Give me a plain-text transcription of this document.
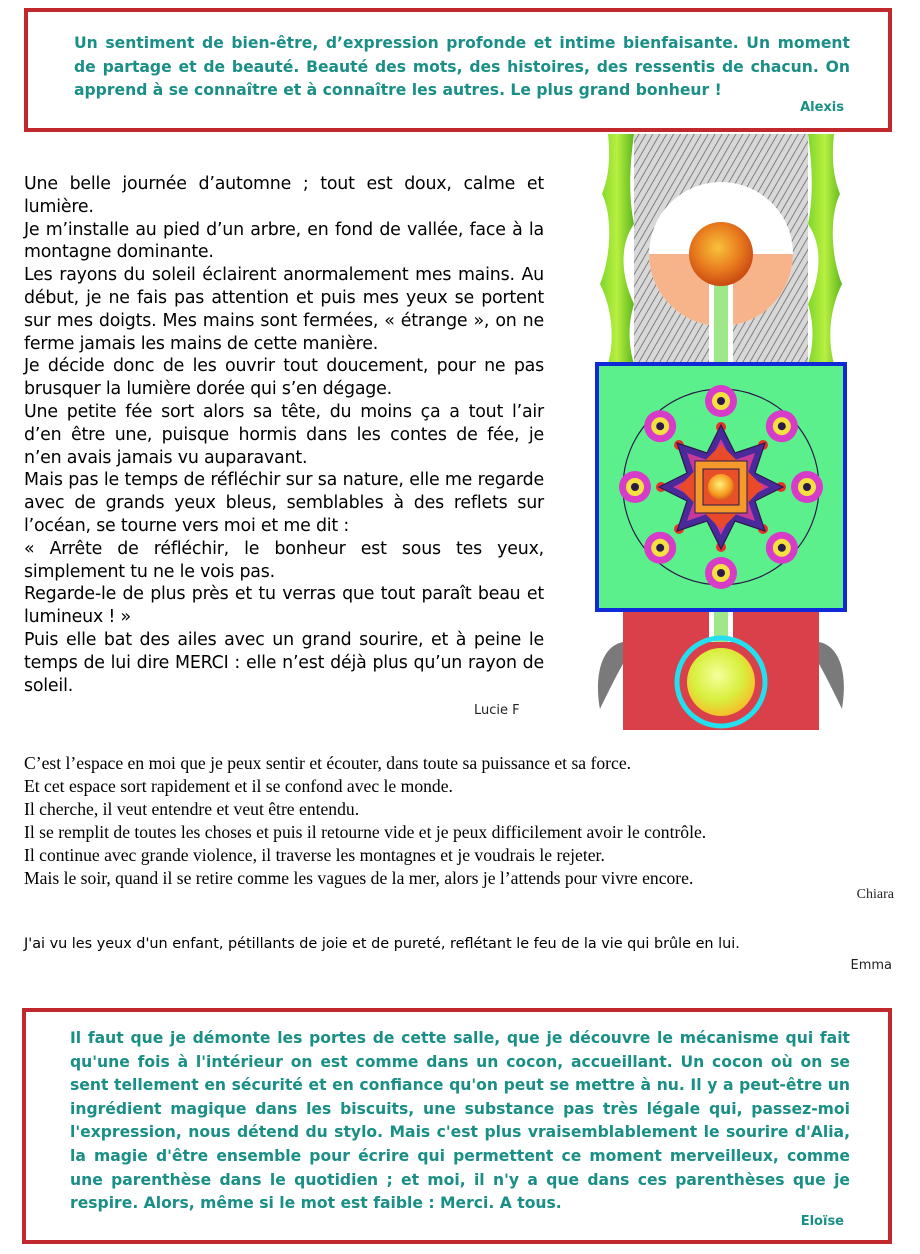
Un sentiment de bien-être, d’expression profonde et intime bienfaisante. Un moment de partage et de beauté. Beauté des mots, des histoires, des ressentis de chacun. On apprend à se connaître et à connaître les autres. Le plus grand bonheur !

Alexis

Une belle journée d’automne ; tout est doux, calme et lumière.

Je m’installe au pied d’un arbre, en fond de vallée, face à la montagne dominante.

Les rayons du soleil éclairent anormalement mes mains. Au début, je ne fais pas attention et puis mes yeux se portent sur mes doigts. Mes mains sont fermées, « étrange », on ne ferme jamais les mains de cette manière.

Je décide donc de les ouvrir tout doucement, pour ne pas brusquer la lumière dorée qui s’en dégage.

Une petite fée sort alors sa tête, du moins ça a tout l’air d’en être une, puisque hormis dans les contes de fée, je n’en avais jamais vu auparavant.

Mais pas le temps de réfléchir sur sa nature, elle me regarde avec de grands yeux bleus, semblables à des reflets sur l’océan, se tourne vers moi et me dit :

« Arrête de réfléchir, le bonheur est sous tes yeux, simplement tu ne le vois pas.

Regarde-le de plus près et tu verras que tout paraît beau et lumineux ! »

Puis elle bat des ailes avec un grand sourire, et à peine le temps de lui dire MERCI : elle n’est déjà plus qu’un rayon de soleil.

Lucie F

C’est l’espace en moi que je peux sentir et écouter, dans toute sa puissance et sa force.

Et cet espace sort rapidement et il se confond avec le monde.

Il cherche, il veut entendre et veut être entendu.

Il se remplit de toutes les choses et puis il retourne vide et je peux difficilement avoir le contrôle.

Il continue avec grande violence, il traverse les montagnes et je voudrais le rejeter.

Mais le soir, quand il se retire comme les vagues de la mer, alors je l’attends pour vivre encore.

Chiara
J'ai vu les yeux d'un enfant, pétillants de joie et de pureté, reflétant le feu de la vie qui brûle en lui.
Emma

Il faut que je démonte les portes de cette salle, que je découvre le mécanisme qui fait qu'une fois à l'intérieur on est comme dans un cocon, accueillant. Un cocon où on se sent tellement en sécurité et en confiance qu'on peut se mettre à nu. Il y a peut-être un ingrédient magique dans les biscuits, une substance pas très légale qui, passez-moi l'expression, nous détend du stylo. Mais c'est plus vraisemblablement le sourire d'Alia, la magie d'être ensemble pour écrire qui permettent ce moment merveilleux, comme une parenthèse dans le quotidien ; et moi, il n'y a que dans ces parenthèses que je respire. Alors, même si le mot est faible : Merci. A tous.

Eloïse
